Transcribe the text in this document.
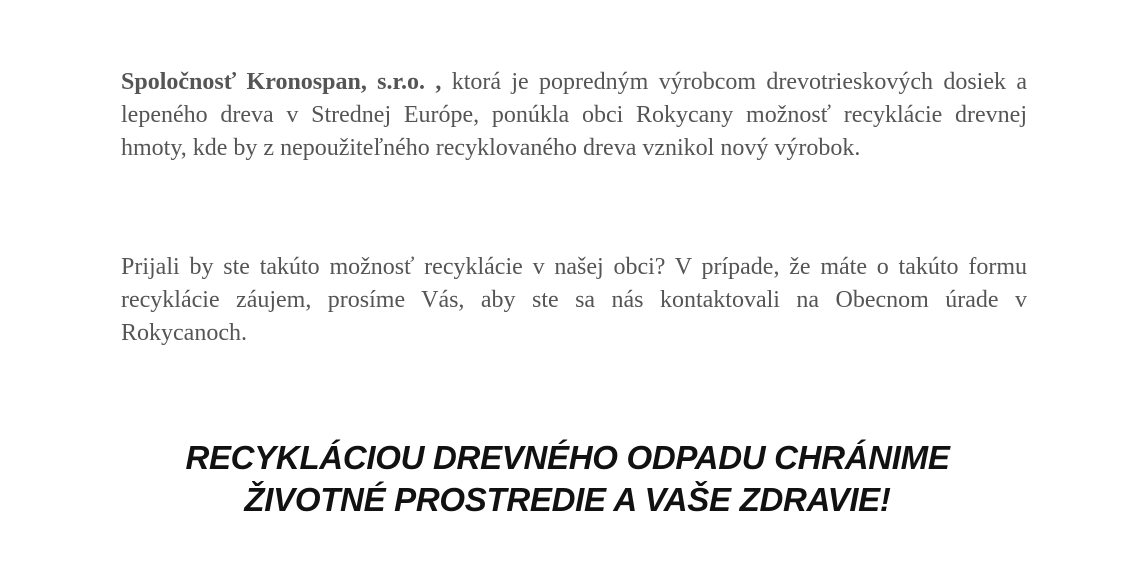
Spoločnosť Kronospan, s.r.o. , ktorá je popredným výrobcom drevotrieskových dosiek a lepeného dreva v Strednej Európe, ponúkla obci Rokycany možnosť recyklácie drevnej hmoty, kde by z nepoužiteľného recyklovaného dreva vznikol nový výrobok.

Prijali by ste takúto možnosť recyklácie v našej obci? V prípade, že máte o takúto formu recyklácie záujem, prosíme Vás, aby ste sa nás kontaktovali na Obecnom úrade v Rokycanoch.

RECYKLÁCIOU DREVNÉHO ODPADU CHRÁNIME
ŽIVOTNÉ PROSTREDIE A VAŠE ZDRAVIE!
